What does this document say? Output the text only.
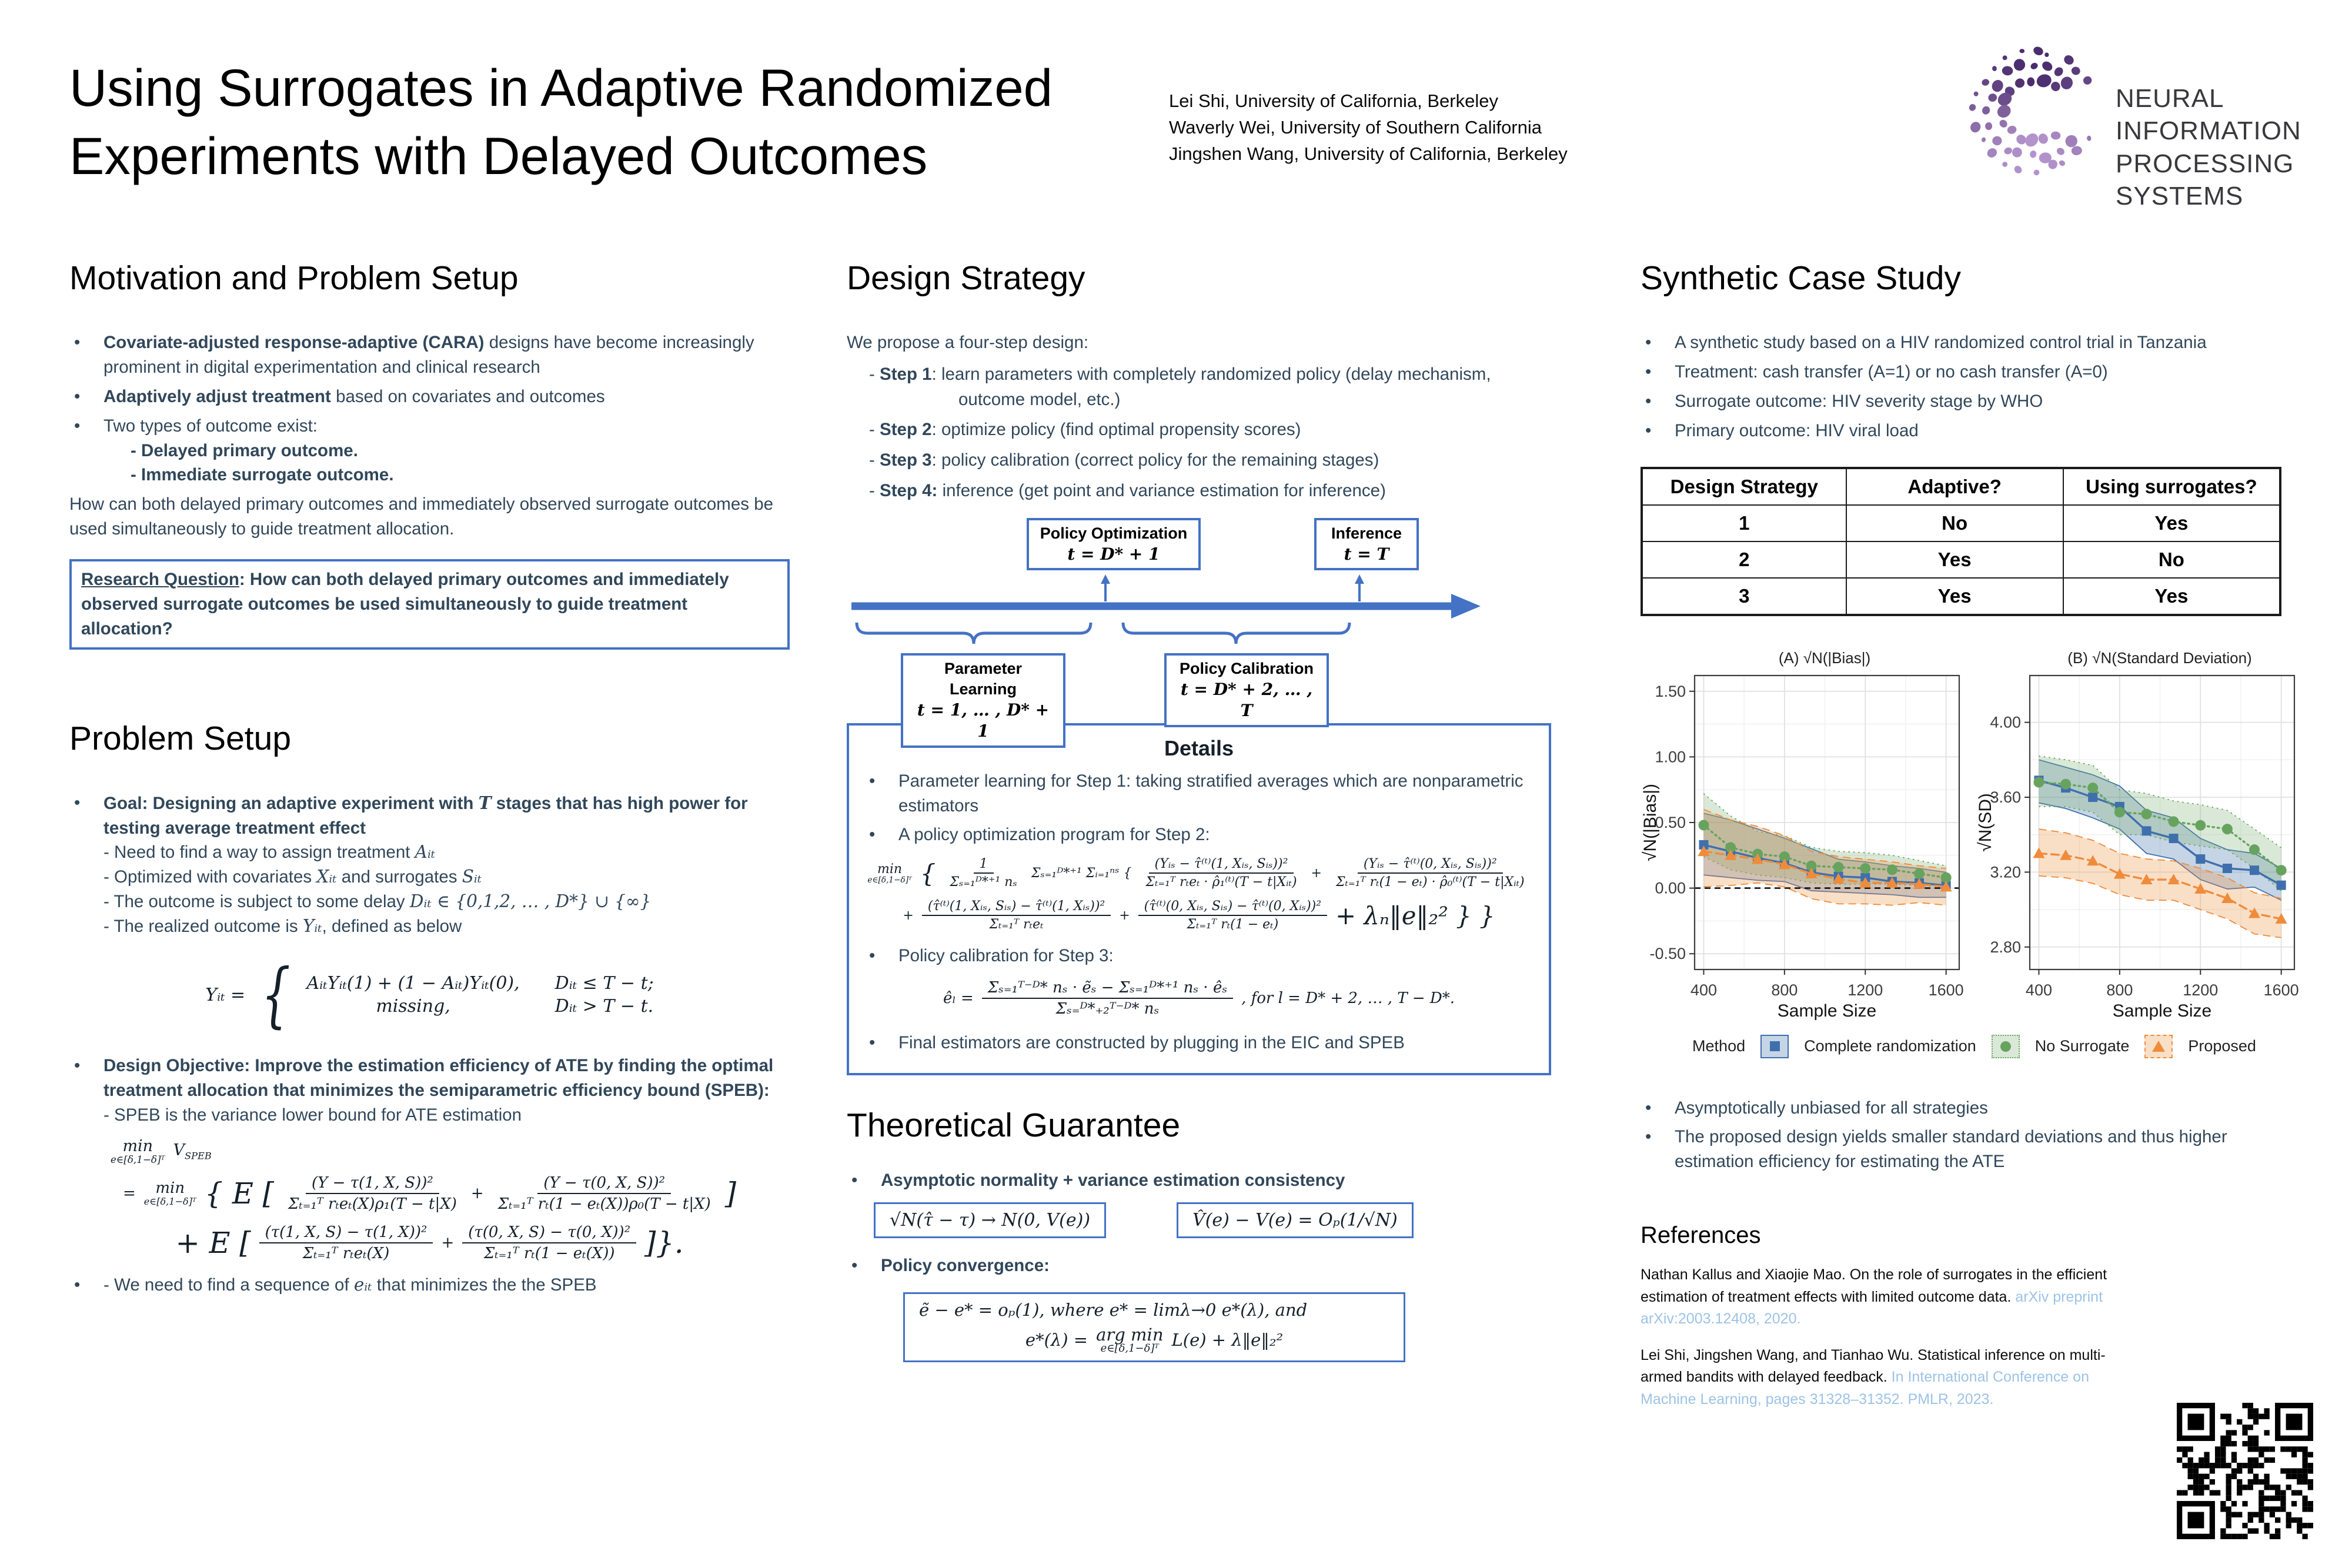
Using Surrogates in Adaptive Randomized
Experiments with Delayed Outcomes
Lei Shi, University of California, Berkeley
Waverly Wei, University of Southern California
Jingshen Wang, University of California, Berkeley
NEURAL INFORMATION
PROCESSING SYSTEMS
Motivation and Problem Setup
•	Covariate-adjusted response-adaptive (CARA) designs have become increasingly prominent in digital experimentation and clinical research
•	Adaptively adjust treatment based on covariates and outcomes
•	Two types of outcome exist:
- Delayed primary outcome.
- Immediate surrogate outcome.
How can both delayed primary outcomes and immediately observed surrogate outcomes be used simultaneously to guide treatment allocation.
Research Question: How can both delayed primary outcomes and immediately observed surrogate outcomes be used simultaneously to guide treatment allocation?
Problem Setup
•	Goal: Designing an adaptive experiment with T stages that has high power for testing average treatment effect
- Need to find a way to assign treatment Aᵢₜ
- Optimized with covariates Xᵢₜ and surrogates Sᵢₜ
- The outcome is subject to some delay Dᵢₜ ∈ {0,1,2, … , D*} ∪ {∞}
- The realized outcome is Yᵢₜ, defined as below
Yᵢₜ = { AᵢₜYᵢₜ(1) + (1 − Aᵢₜ)Yᵢₜ(0), Dᵢₜ ≤ T − t;
missing,	Dᵢₜ > T − t.
•	Design Objective: Improve the estimation efficiency of ATE by finding the optimal treatment allocation that minimizes the semiparametric efficiency bound (SPEB):
- SPEB is the variance lower bound for ATE estimation
min
e∈[δ,1−δ]ᵀ $V_{SPEB}$
= min
e∈[δ,1−δ]ᵀ { E [ $\frac{\text{(Y − τ(1, X, S))²}}{\text{Σₜ₌₁ᵀ rₜeₜ(X)ρ₁(T − t|X)}} + \frac{\text{(Y − τ(0, X, S))²}}{\text{Σₜ₌₁ᵀ rₜ(1 − eₜ(X))ρ₀(T − t|X)}}$ ]
+ E [ $\frac{\text{(τ(1, X, S) − τ(1, X))²}}{\text{Σₜ₌₁ᵀ rₜeₜ(X)}} + \frac{\text{(τ(0, X, S) − τ(0, X))²}}{\text{Σₜ₌₁ᵀ rₜ(1 − eₜ(X))}}$ ]}.
•	- We need to find a sequence of eᵢₜ that minimizes the the SPEB
Design Strategy
We propose a four-step design:
- Step 1: learn parameters with completely randomized policy (delay mechanism, outcome model, etc.)
- Step 2: optimize policy (find optimal propensity scores)
- Step 3: policy calibration (correct policy for the remaining stages)
- Step 4: inference (get point and variance estimation for inference)
Policy Optimization
t = D* + 1
Inference
t = T
Parameter Learning
t = 1, … , D* + 1
Policy Calibration
t = D* + 2, … , T
Details
•	Parameter learning for Step 1: taking stratified averages which are nonparametric estimators
•	A policy optimization program for Step 2:
min
e∈[δ,1−δ]ᵀ { $\frac{1}{\text{Σₛ₌₁ᴰ*⁺¹ nₛ}}$ Σₛ₌₁ᴰ*⁺¹ Σᵢ₌₁ⁿˢ { $\frac{\text{(Yᵢₛ − τ̂⁽ᵗ⁾(1, Xᵢₛ, Sᵢₛ))²}}{\text{Σₜ₌₁ᵀ rₜeₜ · ρ̂₁⁽ᵗ⁾(T − t|Xᵢₜ)}} + \frac{\text{(Yᵢₛ − τ̂⁽ᵗ⁾(0, Xᵢₛ, Sᵢₛ))²}}{\text{Σₜ₌₁ᵀ rₜ(1 − eₜ) · ρ̂₀⁽ᵗ⁾(T − t|Xᵢₜ)}}$
+ $\frac{\text{(τ̂⁽ᵗ⁾(1, Xᵢₛ, Sᵢₛ) − τ̂⁽ᵗ⁾(1, Xᵢₛ))²}}{\text{Σₜ₌₁ᵀ rₜeₜ}} + \frac{\text{(τ̂⁽ᵗ⁾(0, Xᵢₛ, Sᵢₛ) − τ̂⁽ᵗ⁾(0, Xᵢₛ))²}}{\text{Σₜ₌₁ᵀ rₜ(1 − eₜ)}}$ + λₙ‖e‖₂² } }
•	Policy calibration for Step 3:
êₗ = $\frac{\text{Σₛ₌₁ᵀ⁻ᴰ* nₛ · ẽₛ − Σₛ₌₁ᴰ*⁺¹ nₛ · êₛ}}{\text{Σₛ₌ᴰ*₊₂ᵀ⁻ᴰ* nₛ}}$ , for l = D* + 2, … , T − D*.
•	Final estimators are constructed by plugging in the EIC and SPEB
Theoretical Guarantee
•	Asymptotic normality + variance estimation consistency
√N(τ̂ − τ) → N(0, V(e))	V̂(e) − V(e) = Oₚ(1/√N)
•	Policy convergence:
ẽ − e* = oₚ(1), where e* = limλ→0 e*(λ), and
e*(λ) = arg min
e∈[δ,1−δ]ᵀ L(e) + λ‖e‖₂²
Synthetic Case Study
•	A synthetic study based on a HIV randomized control trial in Tanzania
•	Treatment: cash transfer (A=1) or no cash transfer (A=0)
•	Surrogate outcome: HIV severity stage by WHO
•	Primary outcome: HIV viral load
Design Strategy	Adaptive?	Using surrogates?
1	No	Yes
2	Yes	No
3	Yes	Yes
(A) √N(|Bias|)
400	800	1200	1600
-0.50
0.00
0.50
1.00
1.50
Sample Size
√N(|Bias|)
(B) √N(Standard Deviation)
400	800	1200	1600
2.80
3.20
3.60
4.00
Sample Size
√N(SD)
Method	Complete randomization	No Surrogate	Proposed
•	Asymptotically unbiased for all strategies
•	The proposed design yields smaller standard deviations and thus higher estimation efficiency for estimating the ATE
References
Nathan Kallus and Xiaojie Mao. On the role of surrogates in the efficient estimation of treatment effects with limited outcome data. arXiv preprint arXiv:2003.12408, 2020.
Lei Shi, Jingshen Wang, and Tianhao Wu. Statistical inference on multi-armed bandits with delayed feedback. In International Conference on Machine Learning, pages 31328–31352. PMLR, 2023.
